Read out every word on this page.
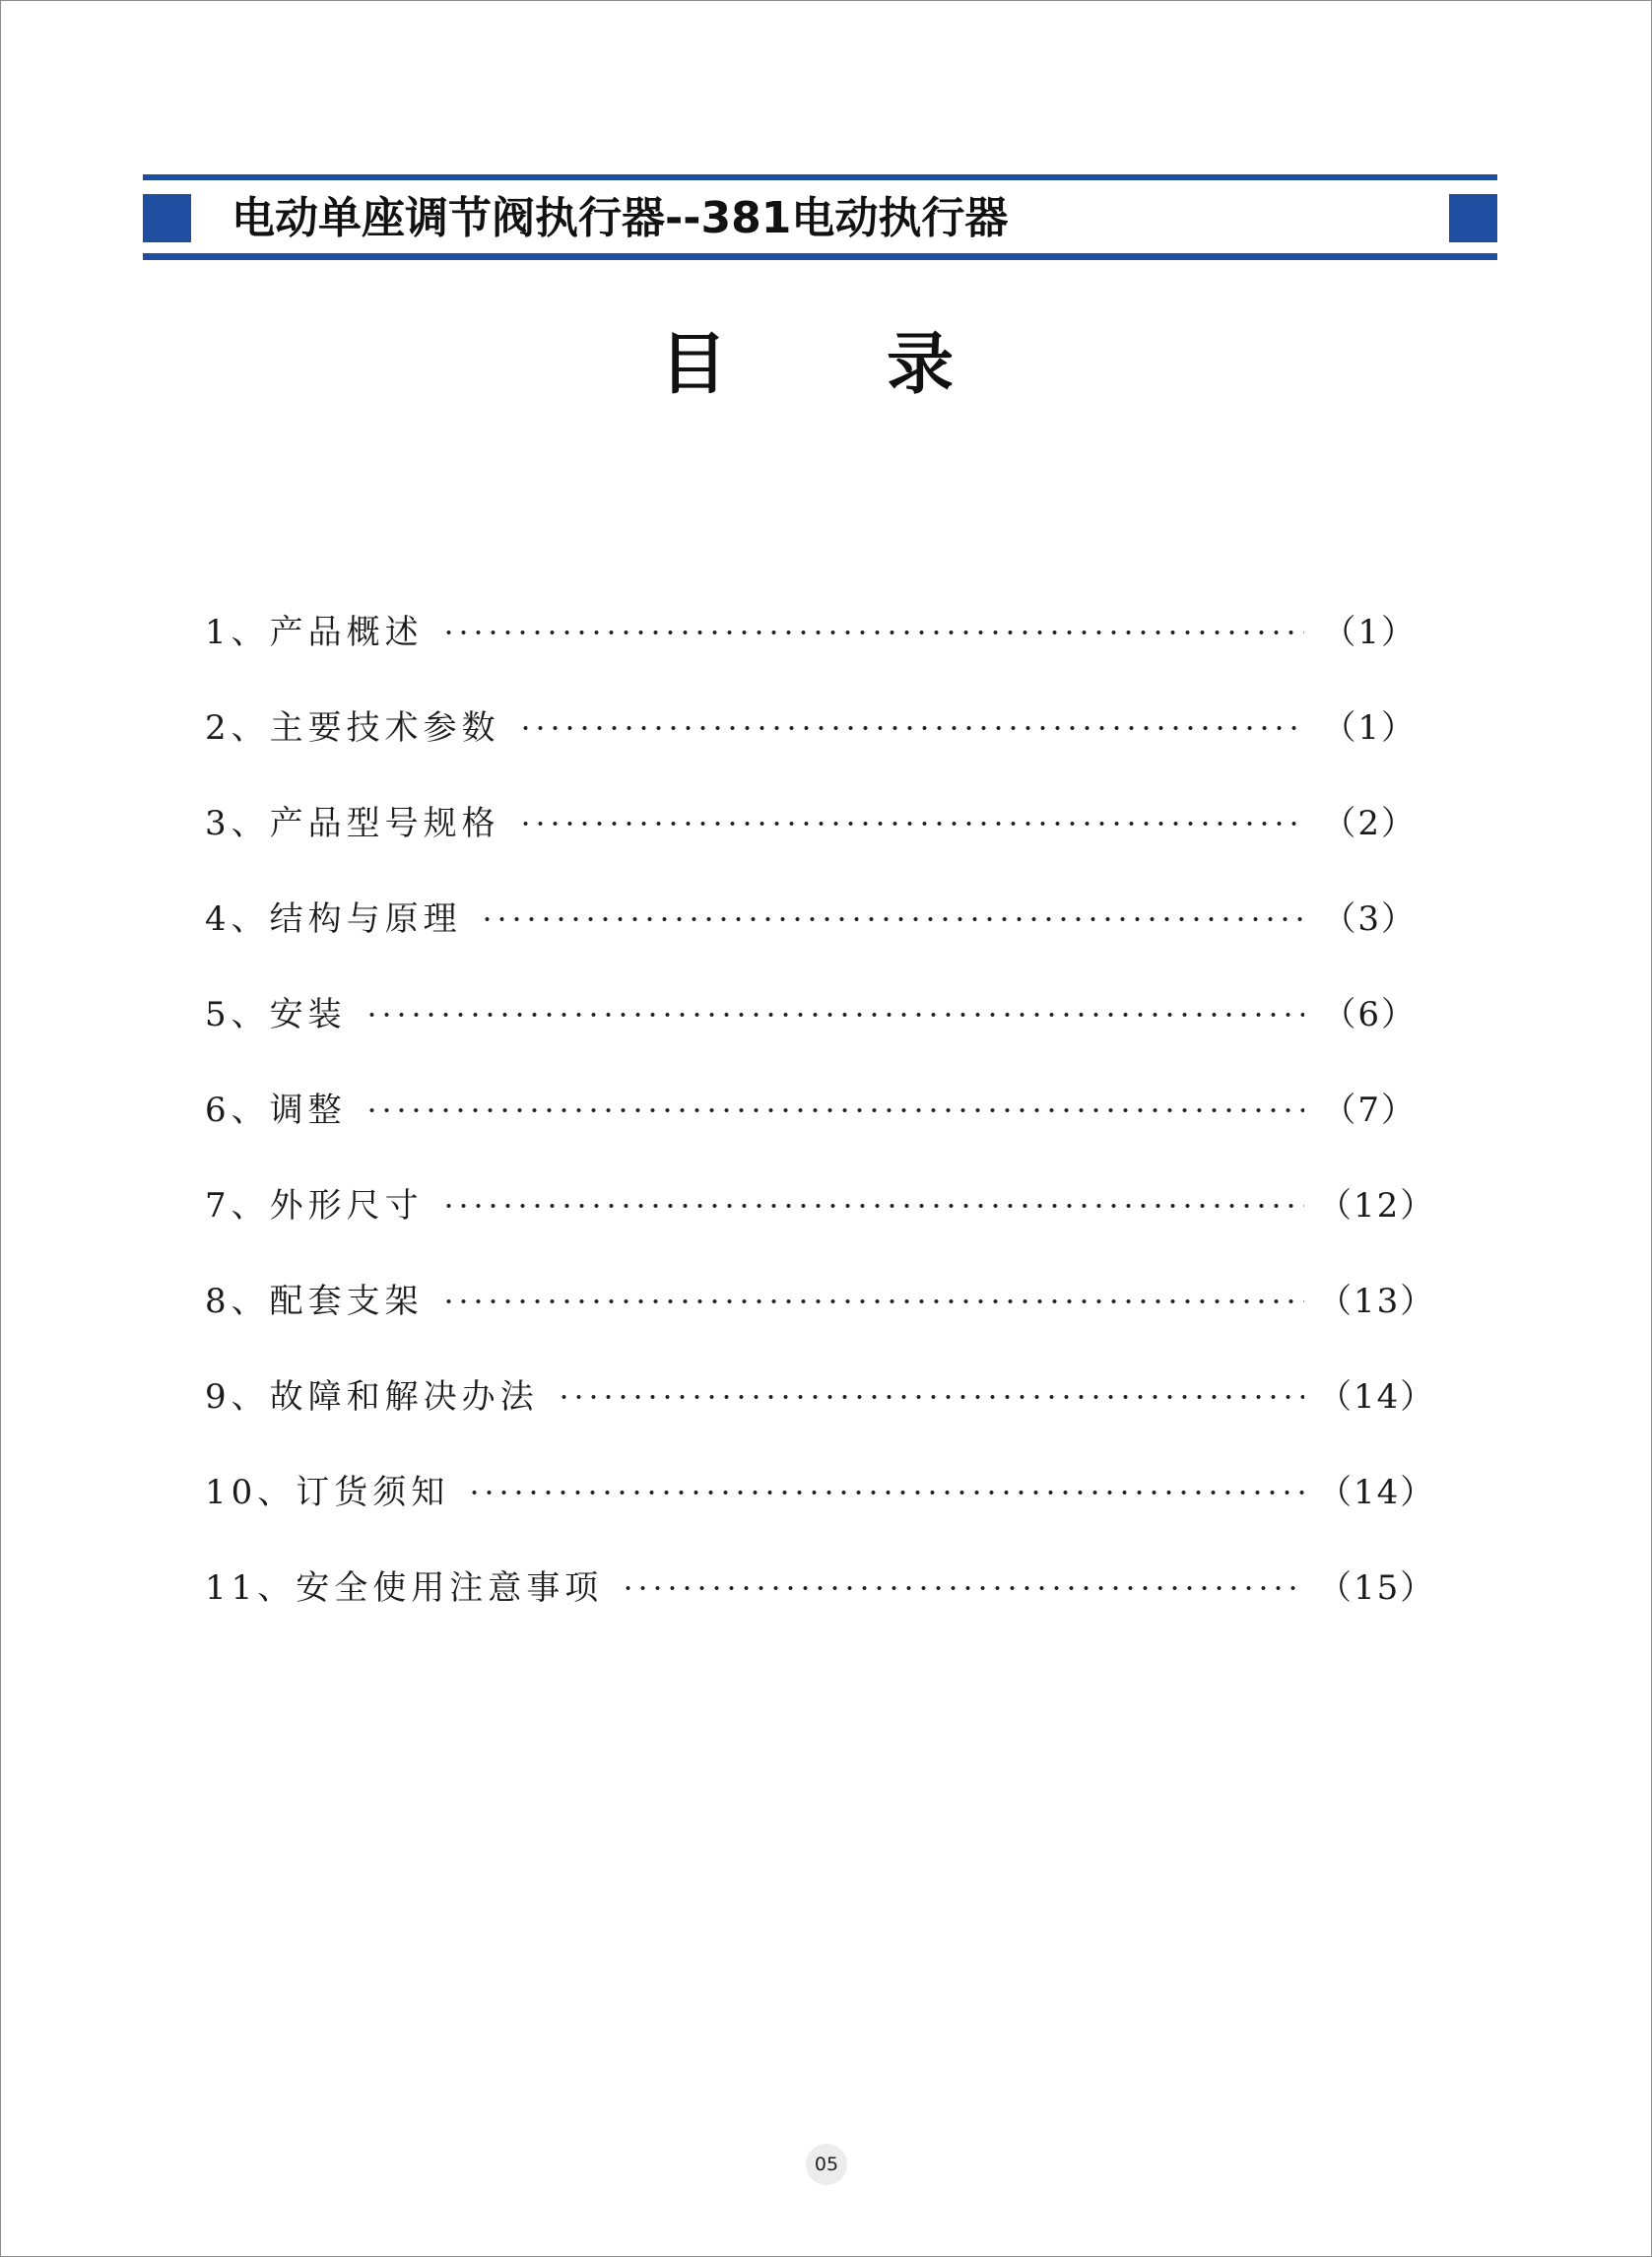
电动单座调节阀执行器--381电动执行器
目 录
1、产品概述	（1）
2、主要技术参数	（1）
3、产品型号规格	（2）
4、结构与原理	（3）
5、安装	（6）
6、调整	（7）
7、外形尺寸	（12）
8、配套支架	（13）
9、故障和解决办法	（14）
10、订货须知	（14）
11、安全使用注意事项	（15）
05
